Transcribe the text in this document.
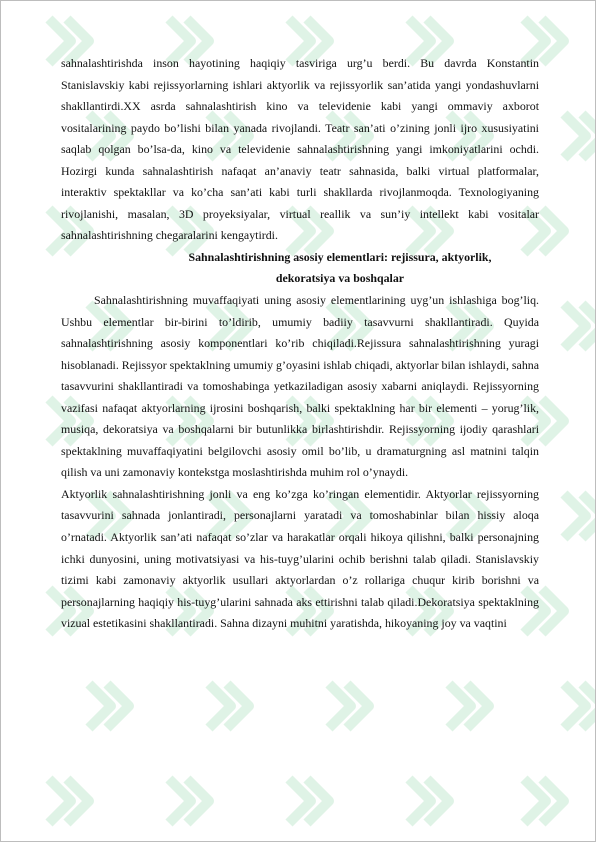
sahnalashtirishda inson hayotining haqiqiy tasviriga urg’u berdi. Bu davrda Konstantin Stanislavskiy kabi rejissyorlarning ishlari aktyorlik va rejissyorlik san’atida yangi yondashuvlarni shakllantirdi.XX asrda sahnalashtirish kino va televidenie kabi yangi ommaviy axborot vositalarining paydo bo’lishi bilan yanada rivojlandi. Teatr san’ati o’zining jonli ijro xususiyatini saqlab qolgan bo’lsa-da, kino va televidenie sahnalashtirishning yangi imkoniyatlarini ochdi. Hozirgi kunda sahnalashtirish nafaqat an’anaviy teatr sahnasida, balki virtual platformalar, interaktiv spektakllar va ko’cha san’ati kabi turli shakllarda rivojlanmoqda. Texnologiyaning rivojlanishi, masalan, 3D proyeksiyalar, virtual reallik va sun’iy intellekt kabi vositalar sahnalashtirishning chegaralarini kengaytirdi.

Sahnalashtirishning asosiy elementlari: rejissura, aktyorlik,
dekoratsiya va boshqalar

Sahnalashtirishning muvaffaqiyati uning asosiy elementlarining uyg’un ishlashiga bog’liq. Ushbu elementlar bir-birini to’ldirib, umumiy badiiy tasavvurni shakllantiradi. Quyida sahnalashtirishning asosiy komponentlari ko’rib chiqiladi.Rejissura sahnalashtirishning yuragi hisoblanadi. Rejissyor spektaklning umumiy g’oyasini ishlab chiqadi, aktyorlar bilan ishlaydi, sahna tasavvurini shakllantiradi va tomoshabinga yetkaziladigan asosiy xabarni aniqlaydi. Rejissyorning vazifasi nafaqat aktyorlarning ijrosini boshqarish, balki spektaklning har bir elementi – yorug’lik, musiqa, dekoratsiya va boshqalarni bir butunlikka birlashtirishdir. Rejissyorning ijodiy qarashlari spektaklning muvaffaqiyatini belgilovchi asosiy omil bo’lib, u dramaturgning asl matnini talqin qilish va uni zamonaviy kontekstga moslashtirishda muhim rol o’ynaydi.

Aktyorlik sahnalashtirishning jonli va eng ko’zga ko’ringan elementidir. Aktyorlar rejissyorning tasavvurini sahnada jonlantiradi, personajlarni yaratadi va tomoshabinlar bilan hissiy aloqa o’rnatadi. Aktyorlik san’ati nafaqat so’zlar va harakatlar orqali hikoya qilishni, balki personajning ichki dunyosini, uning motivatsiyasi va his-tuyg’ularini ochib berishni talab qiladi. Stanislavskiy tizimi kabi zamonaviy aktyorlik usullari aktyorlardan o’z rollariga chuqur kirib borishni va personajlarning haqiqiy his-tuyg’ularini sahnada aks ettirishni talab qiladi.Dekoratsiya spektaklning vizual estetikasini shakllantiradi. Sahna dizayni muhitni yaratishda, hikoyaning joy va vaqtini
